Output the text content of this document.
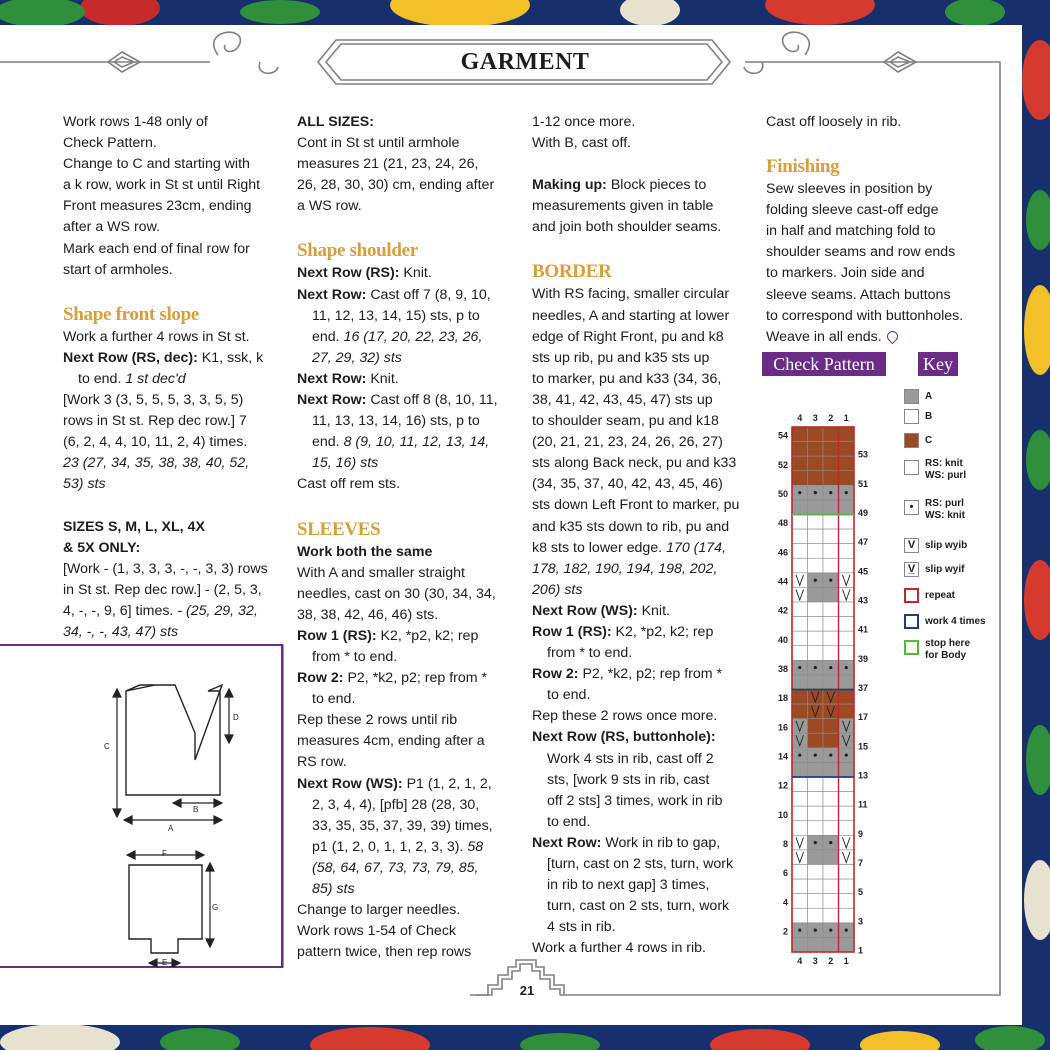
GARMENT

Work rows 1-48 only of

Check Pattern.

Change to C and starting with

a k row, work in St st until Right

Front measures 23cm, ending

after a WS row.

Mark each end of final row for

start of armholes.

Shape front slope

Work a further 4 rows in St st.

Next Row (RS, dec): K1, ssk, k

to end. 1 st dec'd

[Work 3 (3, 5, 5, 5, 3, 3, 5, 5)

rows in St st. Rep dec row.] 7

(6, 2, 4, 4, 10, 11, 2, 4) times.

23 (27, 34, 35, 38, 38, 40, 52,

53) sts

SIZES S, M, L, XL, 4X

& 5X ONLY:

[Work - (1, 3, 3, 3, -, -, 3, 3) rows

in St st. Rep dec row.] - (2, 5, 3,

4, -, -, 9, 6] times. - (25, 29, 32,

34, -, -, 43, 47) sts

ALL SIZES:

Cont in St st until armhole

measures 21 (21, 23, 24, 26,

26, 28, 30, 30) cm, ending after

a WS row.

Shape shoulder

Next Row (RS): Knit.

Next Row: Cast off 7 (8, 9, 10,

11, 12, 13, 14, 15) sts, p to

end. 16 (17, 20, 22, 23, 26,

27, 29, 32) sts

Next Row: Knit.

Next Row: Cast off 8 (8, 10, 11,

11, 13, 13, 14, 16) sts, p to

end. 8 (9, 10, 11, 12, 13, 14,

15, 16) sts

Cast off rem sts.

SLEEVES

Work both the same

With A and smaller straight

needles, cast on 30 (30, 34, 34,

38, 38, 42, 46, 46) sts.

Row 1 (RS): K2, *p2, k2; rep

from * to end.

Row 2: P2, *k2, p2; rep from *

to end.

Rep these 2 rows until rib

measures 4cm, ending after a

RS row.

Next Row (WS): P1 (1, 2, 1, 2,

2, 3, 4, 4), [pfb] 28 (28, 30,

33, 35, 35, 37, 39, 39) times,

p1 (1, 2, 0, 1, 1, 2, 3, 3). 58

(58, 64, 67, 73, 73, 79, 85,

85) sts

Change to larger needles.

Work rows 1-54 of Check

pattern twice, then rep rows

1-12 once more.

With B, cast off.

Making up: Block pieces to

measurements given in table

and join both shoulder seams.

BORDER

With RS facing, smaller circular

needles, A and starting at lower

edge of Right Front, pu and k8

sts up rib, pu and k35 sts up

to marker, pu and k33 (34, 36,

38, 41, 42, 43, 45, 47) sts up

to shoulder seam, pu and k18

(20, 21, 21, 23, 24, 26, 26, 27)

sts along Back neck, pu and k33

(34, 35, 37, 40, 42, 43, 45, 46)

sts down Left Front to marker, pu

and k35 sts down to rib, pu and

k8 sts to lower edge. 170 (174,

178, 182, 190, 194, 198, 202,

206) sts

Next Row (WS): Knit.

Row 1 (RS): K2, *p2, k2; rep

from * to end.

Row 2: P2, *k2, p2; rep from *

to end.

Rep these 2 rows once more.

Next Row (RS, buttonhole):

Work 4 sts in rib, cast off 2

sts, [work 9 sts in rib, cast

off 2 sts] 3 times, work in rib

to end.

Next Row: Work in rib to gap,

[turn, cast on 2 sts, turn, work

in rib to next gap] 3 times,

turn, cast on 2 sts, turn, work

4 sts in rib.

Work a further 4 rows in rib.

Cast off loosely in rib.

Finishing

Sew sleeves in position by

folding sleeve cast-off edge

in half and matching fold to

shoulder seams and row ends

to markers. Join side and

sleeve seams. Attach buttons

to correspond with buttonholes.

Weave in all ends.

A
B
C
D
E
F
G
Check Pattern	Key
4
4
3
3
2
2
1
1
54
52
50
48
46
44
42
40
38
18
16
14
12
10
8
6
4
2
53
51
49
47
45
43
41
39
37
17
15
13
11
9
7
5
3
1
A
B
C
RS: knit
WS: purl
•	RS: purl
WS: knit
V slip wyib
V̲ slip wyif
repeat
work 4 times
stop here
for Body
21
